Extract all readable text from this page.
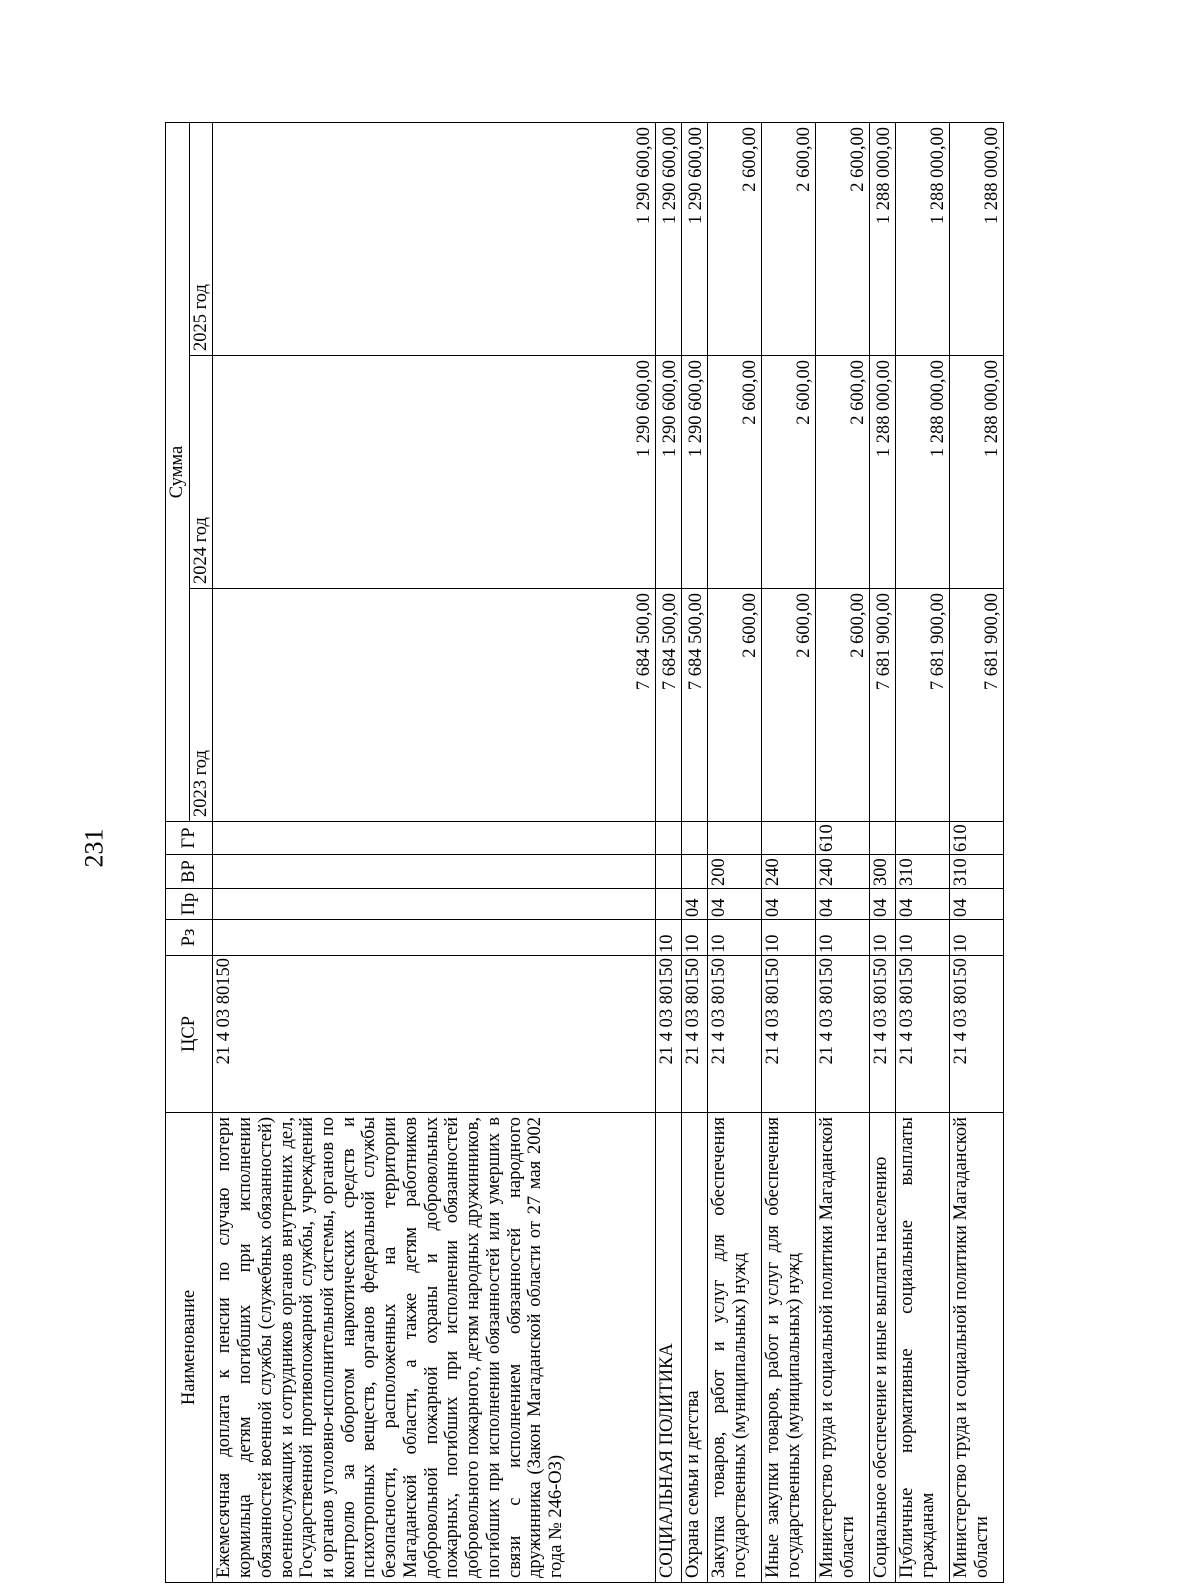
231
Наименование	ЦСР	Рз	Пр	ВР	ГР	Сумма		
						2023 год	2024 год	2025 год
Ежемесячная доплата к пенсии по случаю потери кормильца детям погибших при исполнении обязанностей военной службы (служебных обязанностей) военнослужащих и сотрудников органов внутренних дел, Государственной противопожарной службы, учреждений и органов уголовно-исполнительной системы, органов по контролю за оборотом наркотических средств и психотропных веществ, органов федеральной службы безопасности, расположенных на территории Магаданской области, а также детям работников добровольной пожарной охраны и добровольных пожарных, погибших при исполнении обязанностей добровольного пожарного, детям народных дружинников, погибших при исполнении обязанностей или умерших в связи с исполнением обязанностей народного дружинника (Закон Магаданской области от 27 мая 2002 года № 246-ОЗ)	21 4 03 80150					7 684 500,00	1 290 600,00	1 290 600,00
СОЦИАЛЬНАЯ ПОЛИТИКА	21 4 03 80150	10				7 684 500,00	1 290 600,00	1 290 600,00
Охрана семьи и детства	21 4 03 80150	10	04			7 684 500,00	1 290 600,00	1 290 600,00
Закупка товаров, работ и услуг для обеспечения государственных (муниципальных) нужд	21 4 03 80150	10	04	200		2 600,00	2 600,00	2 600,00
Иные закупки товаров, работ и услуг для обеспечения государственных (муниципальных) нужд	21 4 03 80150	10	04	240		2 600,00	2 600,00	2 600,00
Министерство труда и социальной политики Магаданской области	21 4 03 80150	10	04	240	610	2 600,00	2 600,00	2 600,00
Социальное обеспечение и иные выплаты населению	21 4 03 80150	10	04	300		7 681 900,00	1 288 000,00	1 288 000,00
Публичные нормативные социальные выплаты гражданам	21 4 03 80150	10	04	310		7 681 900,00	1 288 000,00	1 288 000,00
Министерство труда и социальной политики Магаданской области	21 4 03 80150	10	04	310	610	7 681 900,00	1 288 000,00	1 288 000,00
